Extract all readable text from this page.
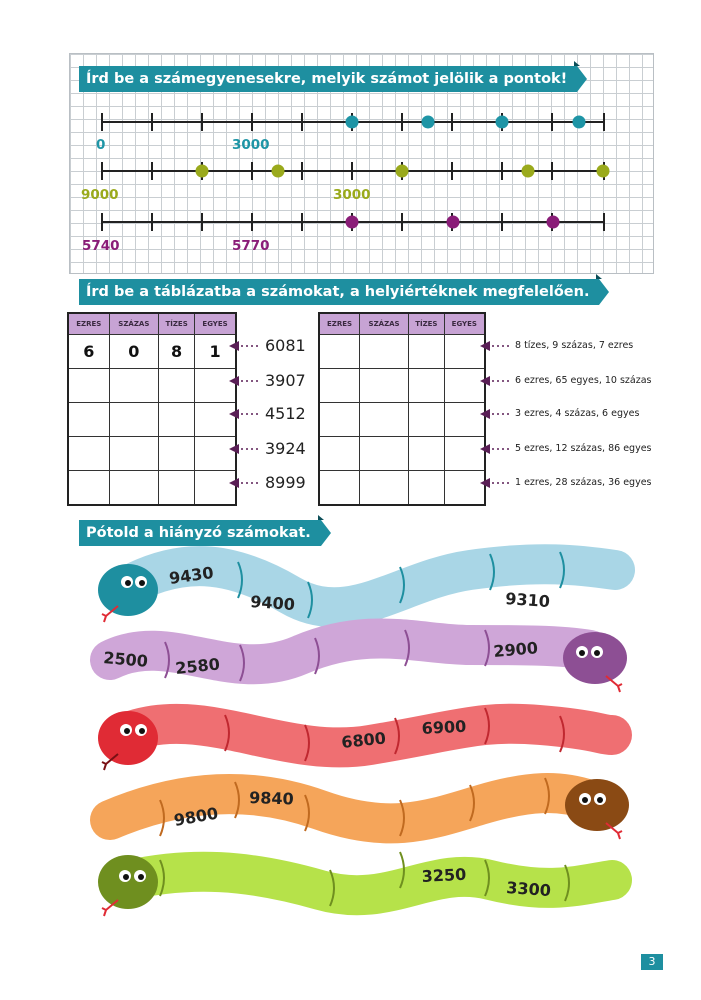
Írd be a számegyenesekre, melyik számot jelölik a pontok!
0	3000
9000	3000
5740	5770
Írd be a táblázatba a számokat, a helyiértéknek megfelelően.
EZRES	SZÁZAS	TÍZES	EGYES
6	0	8	1

EZRES	SZÁZAS	TÍZES	EGYES

6081
3907
4512
3924
8999
8 tízes, 9 százas, 7 ezres
6 ezres, 65 egyes, 10 százas
3 ezres, 4 százas, 6 egyes
5 ezres, 12 százas, 86 egyes
1 ezres, 28 százas, 36 egyes
Pótold a hiányzó számokat.
9430
9400	9310
2500 2580
2900
6800
6900
9800
9840
3250
3300
3
